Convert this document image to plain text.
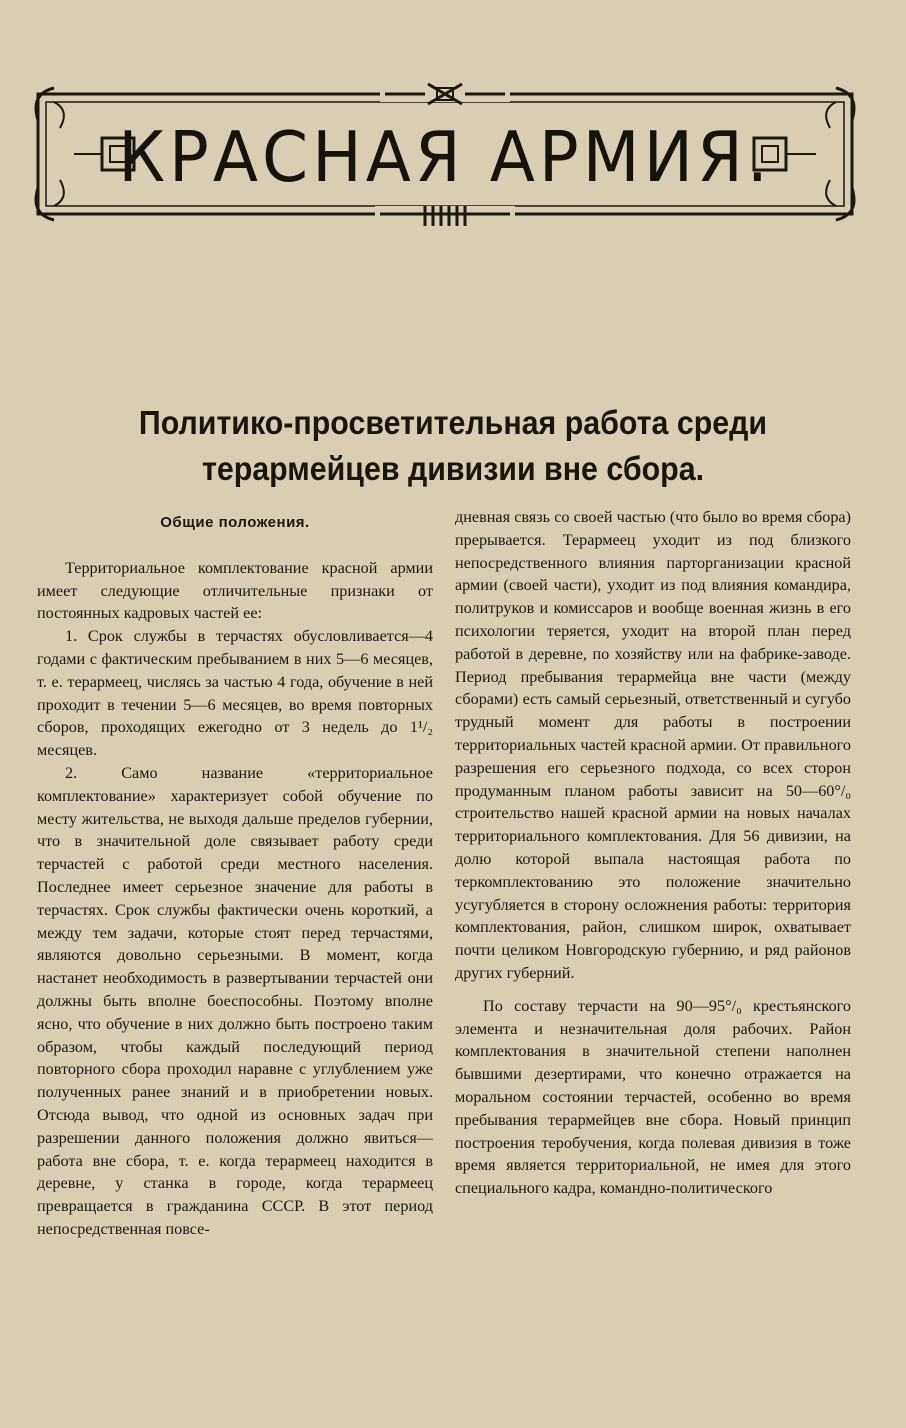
КРАСНАЯ АРМИЯ.
Политико-просветительная работа среди
терармейцев дивизии вне сбора.

Общие положения.

Территориальное комплектование красной армии имеет следующие отличительные признаки от постоянных кадровых частей ее:

1. Срок службы в терчастях обусловливается—4 годами с фактическим пребыванием в них 5—6 месяцев, т. е. терармеец, числясь за частью 4 года, обучение в ней проходит в течении 5—6 месяцев, во время повторных сборов, проходящих ежегодно от 3 недель до 1¹/₂ месяцев.

2. Само название «территориальное комплектование» характеризует собой обучение по месту жительства, не выходя дальше пределов губернии, что в значительной доле связывает работу среди терчастей с работой среди местного населения. Последнее имеет серьезное значение для работы в терчастях. Срок службы фактически очень короткий, а между тем задачи, которые стоят перед терчастями, являются довольно серьезными. В момент, когда настанет необходимость в развертывании терчастей они должны быть вполне боеспособны. Поэтому вполне ясно, что обучение в них должно быть построено таким образом, чтобы каждый последующий период повторного сбора проходил наравне с углублением уже полученных ранее знаний и в приобретении новых. Отсюда вывод, что одной из основных задач при разрешении данного положения должно явиться—работа вне сбора, т. е. когда терармеец находится в деревне, у станка в городе, когда терармеец превращается в гражданина СССР. В этот период непосредственная повсе-

дневная связь со своей частью (что было во время сбора) прерывается. Терармеец уходит из под близкого непосредственного влияния парторганизации красной армии (своей части), уходит из под влияния командира, политруков и комиссаров и вообще военная жизнь в его психологии теряется, уходит на второй план перед работой в деревне, по хозяйству или на фабрике-заводе. Период пребывания терармейца вне части (между сборами) есть самый серьезный, ответственный и сугубо трудный момент для работы в построении территориальных частей красной армии. От правильного разрешения его серьезного подхода, со всех сторон продуманным планом работы зависит на 50—60°/₀ строительство нашей красной армии на новых началах территориального комплектования. Для 56 дивизии, на долю которой выпала настоящая работа по теркомплектованию это положение значительно усугубляется в сторону осложнения работы: территория комплектования, район, слишком широк, охватывает почти целиком Новгородскую губернию, и ряд районов других губерний.

По составу терчасти на 90—95°/₀ крестьянского элемента и незначительная доля рабочих. Район комплектования в значительной степени наполнен бывшими дезертирами, что конечно отражается на моральном состоянии терчастей, особенно во время пребывания терармейцев вне сбора. Новый принцип построения теробучения, когда полевая дивизия в тоже время является территориальной, не имея для этого специального кадра, командно-политического
